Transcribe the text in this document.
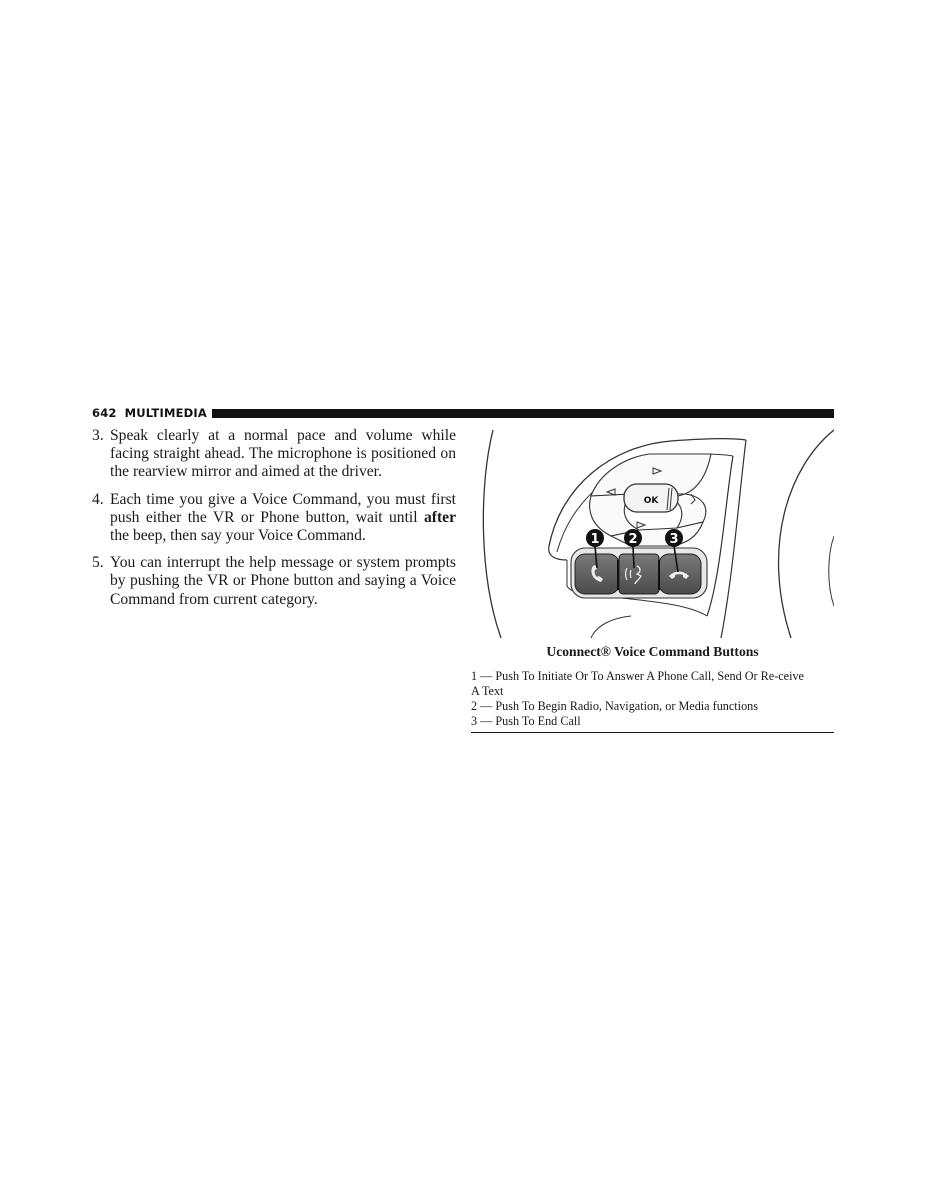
642 MULTIMEDIA
3. Speak clearly at a normal pace and volume while facing straight ahead. The microphone is positioned on the rearview mirror and aimed at the driver.
4. Each time you give a Voice Command, you must first push either the VR or Phone button, wait until after the beep, then say your Voice Command.
5. You can interrupt the help message or system prompts by pushing the VR or Phone button and saying a Voice Command from current category.
OK
1 2 3
Uconnect® Voice Command Buttons
1 — Push To Initiate Or To Answer A Phone Call, Send Or Re-ceive A Text
2 — Push To Begin Radio, Navigation, or Media functions
3 — Push To End Call
